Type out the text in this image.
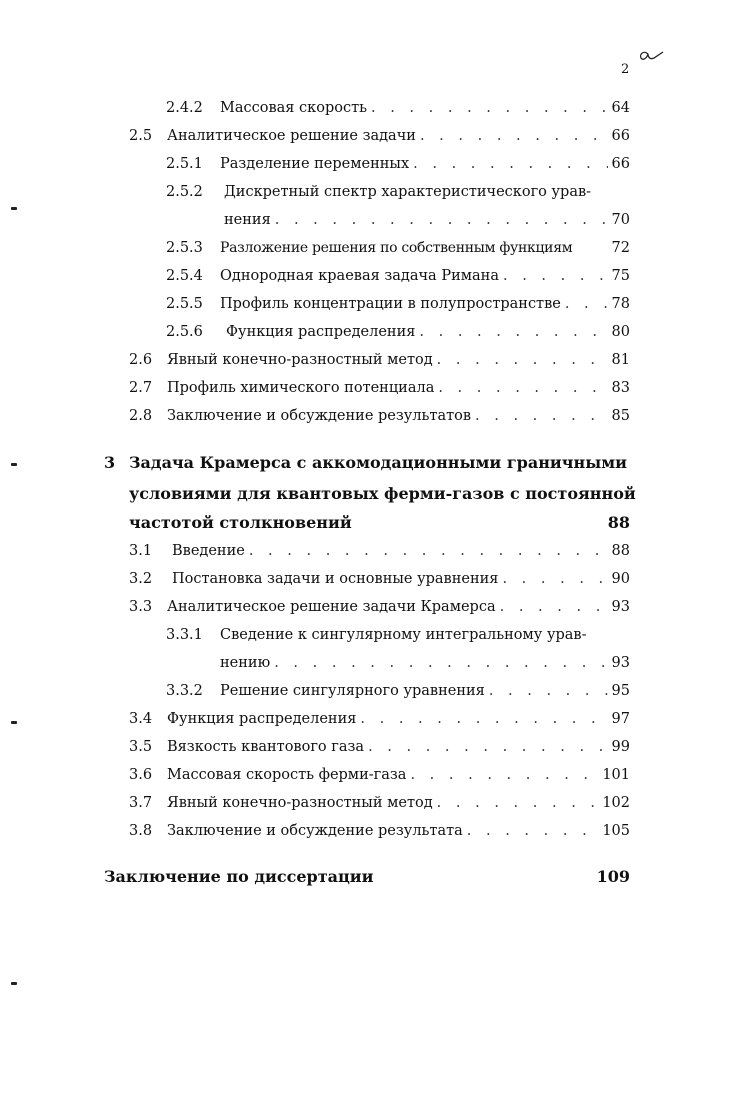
2
2.4.2	Массовая скорость . . .	64
2.5	Аналитическое решение задачи . . .	66
2.5.1	Разделение переменных . . .	66
2.5.2	Дискретный спектр характеристического урав-
нения . . .	70
2.5.3	Разложение решения по собственным функциям	72
2.5.4	Однородная краевая задача Римана . . .	75
2.5.5	Профиль концентрации в полупространстве . . .	78
2.5.6	Функция распределения . . .	80
2.6	Явный конечно-разностный метод . . .	81
2.7	Профиль химического потенциала . . .	83
2.8	Заключение и обсуждение результатов . . .	85
3 Задача Крамерса с аккомодационными граничными
условиями для квантовых ферми-газов с постоянной
частотой столкновений	88
3.1	Введение . . .	88
3.2	Постановка задачи и основные уравнения . . .	90
3.3	Аналитическое решение задачи Крамерса . . .	93
3.3.1	Сведение к сингулярному интегральному урав-
нению . . .	93
3.3.2	Решение сингулярного уравнения . . .	95
3.4	Функция распределения . . .	97
3.5	Вязкость квантового газа . . .	99
3.6	Массовая скорость ферми-газа . . .	101
3.7	Явный конечно-разностный метод . . .	102
3.8	Заключение и обсуждение результата . . .	105
Заключение по диссертации	109
